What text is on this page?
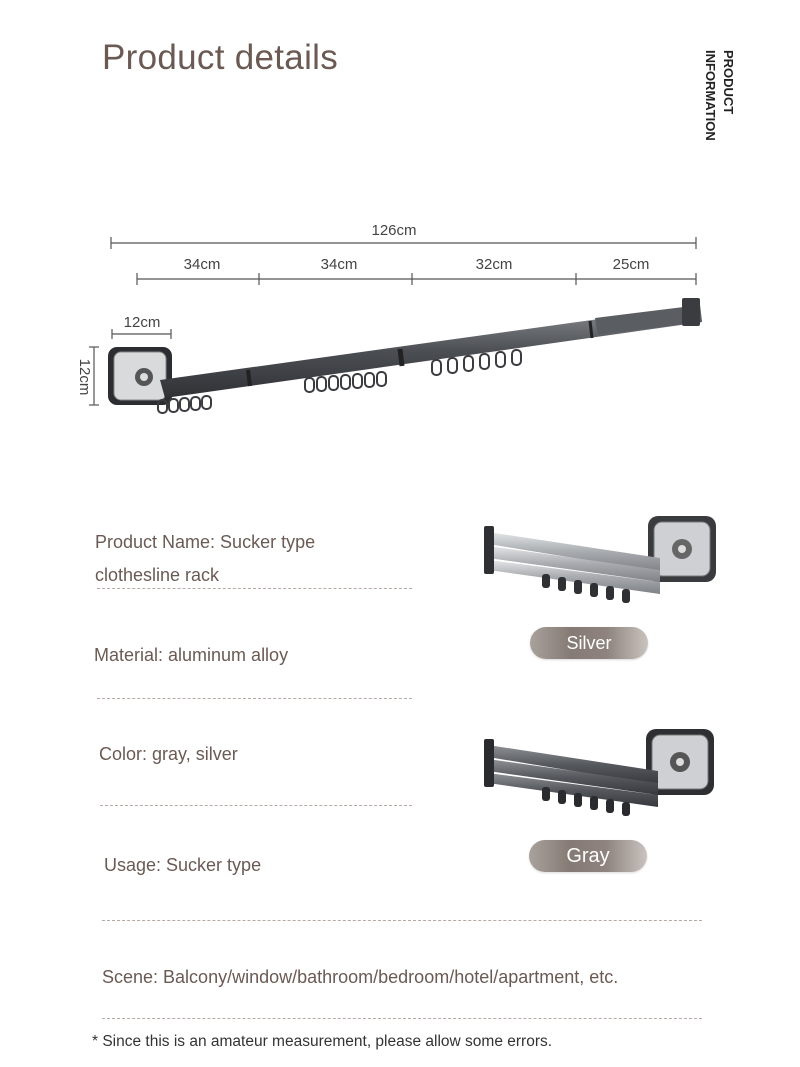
Product details	PRODUCT
INFORMATION
126cm
34cm	34cm	32cm	25cm
12cm
12cm
Product Name: Sucker type
clothesline rack
Material: aluminum alloy
Color: gray, silver
Usage: Sucker type
Scene: Balcony/window/bathroom/bedroom/hotel/apartment, etc.
Silver
Gray
* Since this is an amateur measurement, please allow some errors.
